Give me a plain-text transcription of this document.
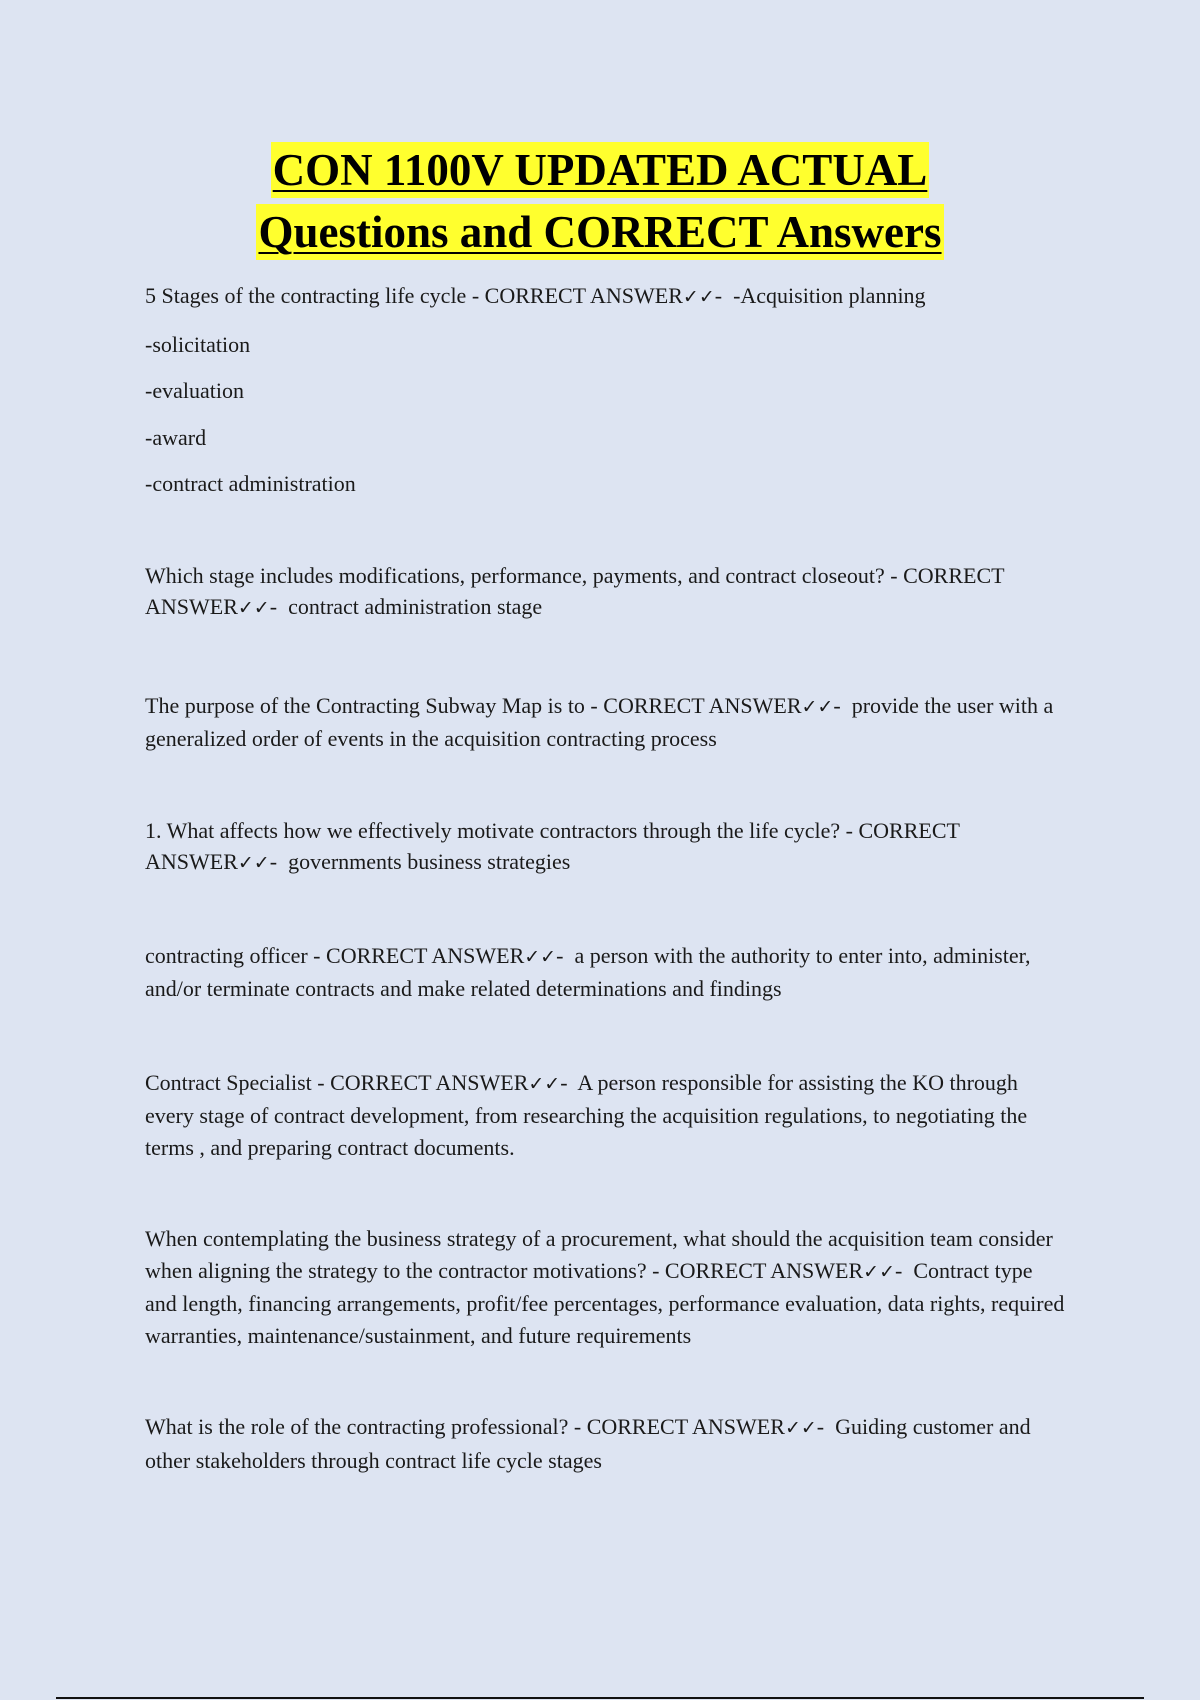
CON 1100V UPDATED ACTUAL
Questions and CORRECT Answers

5 Stages of the contracting life cycle - CORRECT ANSWER✓✓-  -Acquisition planning

-solicitation

-evaluation

-award

-contract administration

Which stage includes modifications, performance, payments, and contract closeout? - CORRECT ANSWER✓✓-  contract administration stage

The purpose of the Contracting Subway Map is to - CORRECT ANSWER✓✓-  provide the user with a generalized order of events in the acquisition contracting process

1. What affects how we effectively motivate contractors through the life cycle? - CORRECT ANSWER✓✓-  governments business strategies

contracting officer - CORRECT ANSWER✓✓-  a person with the authority to enter into, administer, and/or terminate contracts and make related determinations and findings

Contract Specialist - CORRECT ANSWER✓✓-  A person responsible for assisting the KO through every stage of contract development, from researching the acquisition regulations, to negotiating the terms , and preparing contract documents.

When contemplating the business strategy of a procurement, what should the acquisition team consider when aligning the strategy to the contractor motivations? - CORRECT ANSWER✓✓-  Contract type and length, financing arrangements, profit/fee percentages, performance evaluation, data rights, required warranties, maintenance/sustainment, and future requirements

What is the role of the contracting professional? - CORRECT ANSWER✓✓-  Guiding customer and other stakeholders through contract life cycle stages
